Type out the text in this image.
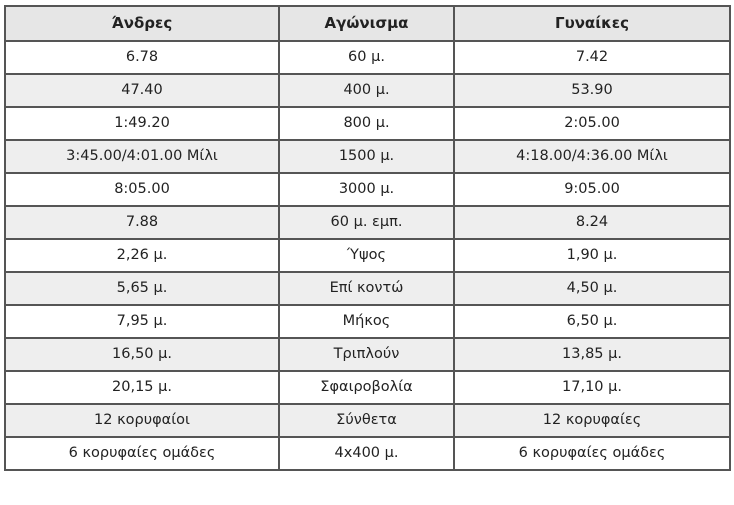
Άνδρες	Αγώνισμα	Γυναίκες
6.78	60 μ.	7.42
47.40	400 μ.	53.90
1:49.20	800 μ.	2:05.00
3:45.00/4:01.00 Μίλι	1500 μ.	4:18.00/4:36.00 Μίλι
8:05.00	3000 μ.	9:05.00
7.88	60 μ. εμπ.	8.24
2,26 μ.	Ύψος	1,90 μ.
5,65 μ.	Επί κοντώ	4,50 μ.
7,95 μ.	Μήκος	6,50 μ.
16,50 μ.	Τριπλούν	13,85 μ.
20,15 μ.	Σφαιροβολία	17,10 μ.
12 κορυφαίοι	Σύνθετα	12 κορυφαίες
6 κορυφαίες ομάδες	4x400 μ.	6 κορυφαίες ομάδες
